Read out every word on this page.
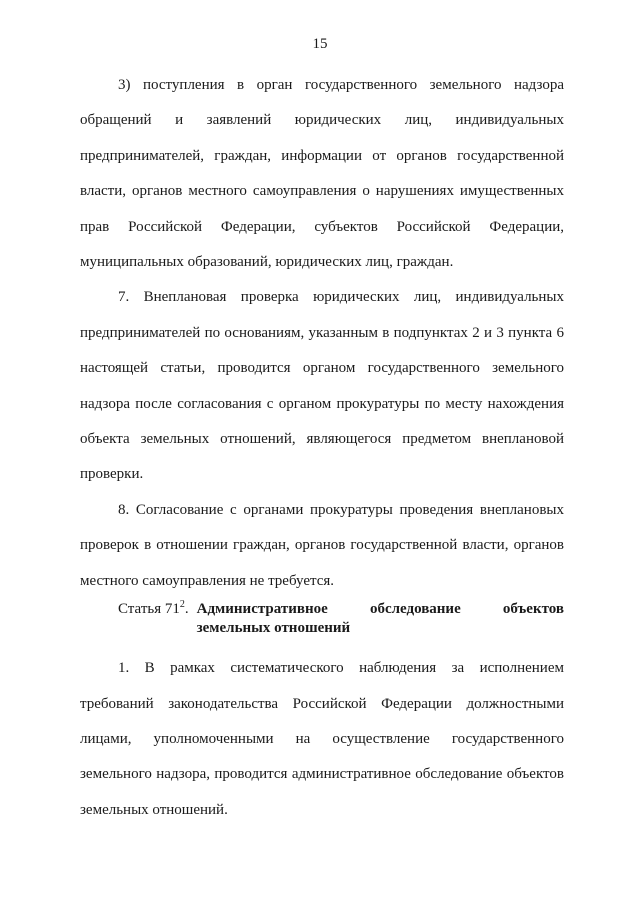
15

3) поступления в орган государственного земельного надзора обращений и заявлений юридических лиц, индивидуальных предпринимателей, граждан, информации от органов государственной власти, органов местного самоуправления о нарушениях имущественных прав Российской Федерации, субъектов Российской Федерации, муниципальных образований, юридических лиц, граждан.

7. Внеплановая проверка юридических лиц, индивидуальных предпринимателей по основаниям, указанным в подпунктах 2 и 3 пункта 6 настоящей статьи, проводится органом государственного земельного надзора после согласования с органом прокуратуры по месту нахождения объекта земельных отношений, являющегося предметом внеплановой проверки.

8. Согласование с органами прокуратуры проведения внеплановых проверок в отношении граждан, органов государственной власти, органов местного самоуправления не требуется.

Статья $71^2$. Административное обследование объектов
земельных отношений

1. В рамках систематического наблюдения за исполнением требований законодательства Российской Федерации должностными лицами, уполномоченными на осуществление государственного земельного надзора, проводится административное обследование объектов земельных отношений.
